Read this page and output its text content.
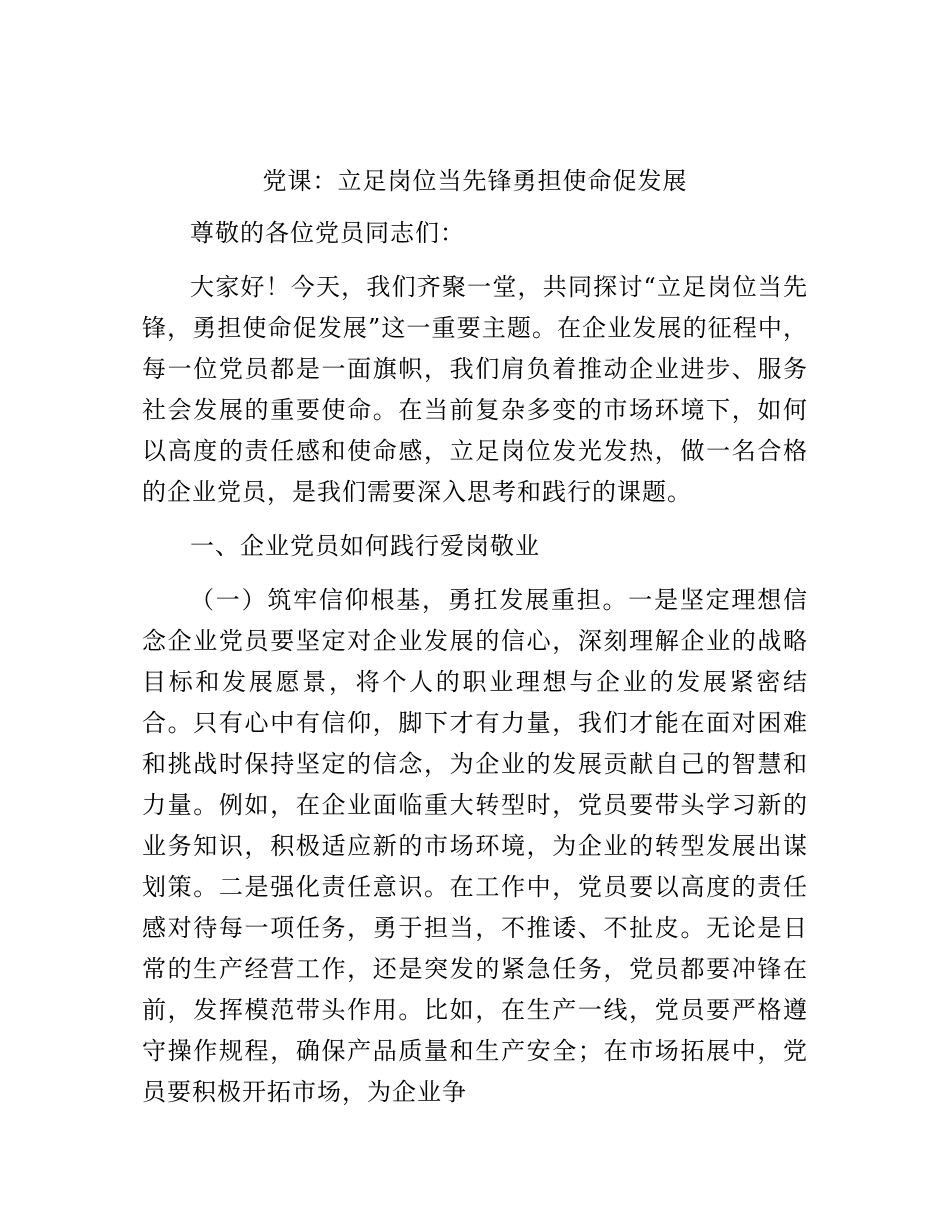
党课：立足岗位当先锋勇担使命促发展

尊敬的各位党员同志们：

大家好！今天，我们齐聚一堂，共同探讨“立足岗位当先锋，勇担使命促发展”这一重要主题。在企业发展的征程中，每一位党员都是一面旗帜，我们肩负着推动企业进步、服务社会发展的重要使命。在当前复杂多变的市场环境下，如何以高度的责任感和使命感，立足岗位发光发热，做一名合格的企业党员，是我们需要深入思考和践行的课题。

一、企业党员如何践行爱岗敬业

（一）筑牢信仰根基，勇扛发展重担。一是坚定理想信念企业党员要坚定对企业发展的信心，深刻理解企业的战略目标和发展愿景，将个人的职业理想与企业的发展紧密结合。只有心中有信仰，脚下才有力量，我们才能在面对困难和挑战时保持坚定的信念，为企业的发展贡献自己的智慧和力量。例如，在企业面临重大转型时，党员要带头学习新的业务知识，积极适应新的市场环境，为企业的转型发展出谋划策。二是强化责任意识。在工作中，党员要以高度的责任感对待每一项任务，勇于担当，不推诿、不扯皮。无论是日常的生产经营工作，还是突发的紧急任务，党员都要冲锋在前，发挥模范带头作用。比如，在生产一线，党员要严格遵守操作规程，确保产品质量和生产安全；在市场拓展中，党员要积极开拓市场，为企业争
